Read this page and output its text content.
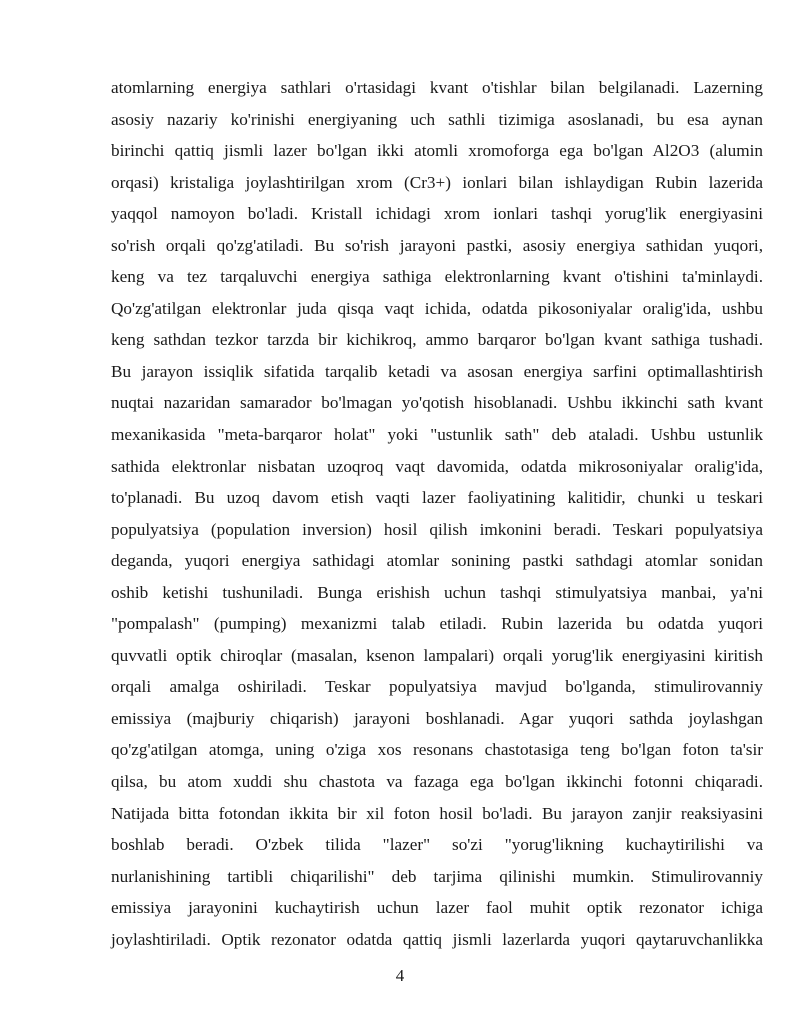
atomlarning energiya sathlari o'rtasidagi kvant o'tishlar bilan belgilanadi. Lazerning
asosiy nazariy ko'rinishi energiyaning uch sathli tizimiga asoslanadi, bu esa aynan
birinchi qattiq jismli lazer bo'lgan ikki atomli xromoforga ega bo'lgan Al2O3 (alumin
orqasi) kristaliga joylashtirilgan xrom (Cr3+) ionlari bilan ishlaydigan Rubin lazerida
yaqqol namoyon bo'ladi. Kristall ichidagi xrom ionlari tashqi yorug'lik energiyasini
so'rish orqali qo'zg'atiladi. Bu so'rish jarayoni pastki, asosiy energiya sathidan yuqori,
keng va tez tarqaluvchi energiya sathiga elektronlarning kvant o'tishini ta'minlaydi.
Qo'zg'atilgan elektronlar juda qisqa vaqt ichida, odatda pikosoniyalar oralig'ida, ushbu
keng sathdan tezkor tarzda bir kichikroq, ammo barqaror bo'lgan kvant sathiga tushadi.
Bu jarayon issiqlik sifatida tarqalib ketadi va asosan energiya sarfini optimallashtirish
nuqtai nazaridan samarador bo'lmagan yo'qotish hisoblanadi. Ushbu ikkinchi sath kvant
mexanikasida "meta-barqaror holat" yoki "ustunlik sath" deb ataladi. Ushbu ustunlik
sathida elektronlar nisbatan uzoqroq vaqt davomida, odatda mikrosoniyalar oralig'ida,
to'planadi. Bu uzoq davom etish vaqti lazer faoliyatining kalitidir, chunki u teskari
populyatsiya (population inversion) hosil qilish imkonini beradi. Teskari populyatsiya
deganda, yuqori energiya sathidagi atomlar sonining pastki sathdagi atomlar sonidan
oshib ketishi tushuniladi. Bunga erishish uchun tashqi stimulyatsiya manbai, ya'ni
"pompalash" (pumping) mexanizmi talab etiladi. Rubin lazerida bu odatda yuqori
quvvatli optik chiroqlar (masalan, ksenon lampalari) orqali yorug'lik energiyasini kiritish
orqali amalga oshiriladi. Teskar populyatsiya mavjud bo'lganda, stimulirovanniy
emissiya (majburiy chiqarish) jarayoni boshlanadi. Agar yuqori sathda joylashgan
qo'zg'atilgan atomga, uning o'ziga xos resonans chastotasiga teng bo'lgan foton ta'sir
qilsa, bu atom xuddi shu chastota va fazaga ega bo'lgan ikkinchi fotonni chiqaradi.
Natijada bitta fotondan ikkita bir xil foton hosil bo'ladi. Bu jarayon zanjir reaksiyasini
boshlab beradi. O'zbek tilida "lazer" so'zi "yorug'likning kuchaytirilishi va
nurlanishining tartibli chiqarilishi" deb tarjima qilinishi mumkin. Stimulirovanniy
emissiya jarayonini kuchaytirish uchun lazer faol muhit optik rezonator ichiga
joylashtiriladi. Optik rezonator odatda qattiq jismli lazerlarda yuqori qaytaruvchanlikka
4
